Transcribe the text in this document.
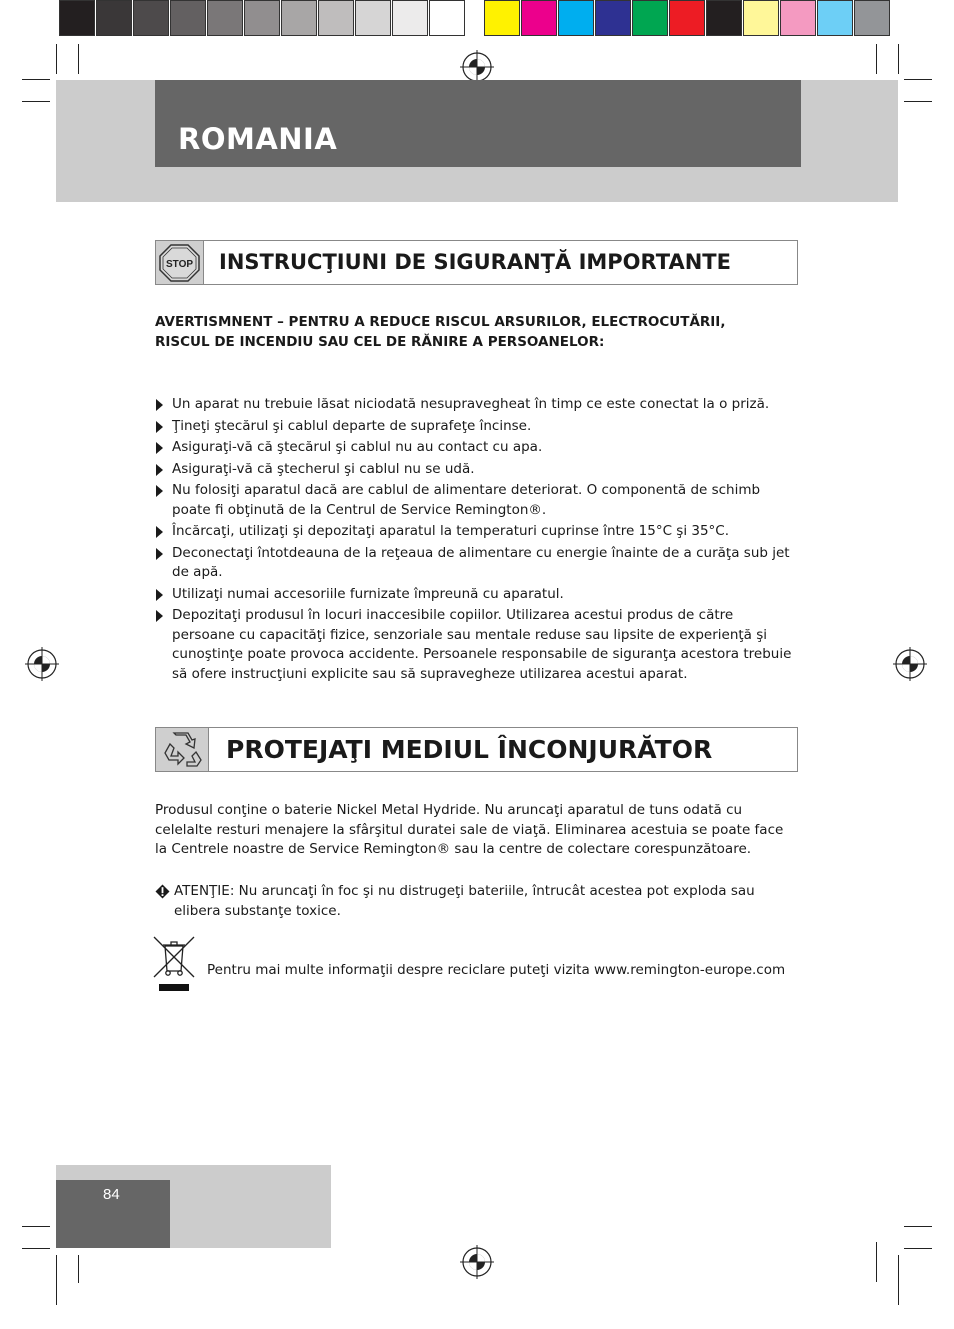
ROMANIA
STOP INSTRUCŢIUNI DE SIGURANŢĂ IMPORTANTE
AVERTISMNENT – PENTRU A REDUCE RISCUL ARSURILOR, ELECTROCUTĂRII, RISCUL DE INCENDIU SAU CEL DE RĂNIRE A PERSOANELOR:
Un aparat nu trebuie lăsat niciodată nesupravegheat în timp ce este conectat la o priză.
Ţineţi ştecărul şi cablul departe de suprafeţe încinse.
Asiguraţi-vă că ştecărul şi cablul nu au contact cu apa.
Asiguraţi-vă că ştecherul şi cablul nu se udă.
Nu folosiţi aparatul dacă are cablul de alimentare deteriorat. O componentă de schimb poate fi obţinută de la Centrul de Service Remington®.
Încărcaţi, utilizaţi şi depozitaţi aparatul la temperaturi cuprinse între 15°C şi 35°C.
Deconectaţi întotdeauna de la reţeaua de alimentare cu energie înainte de a curăţa sub jet de apă.
Utilizaţi numai accesoriile furnizate împreună cu aparatul.
Depozitaţi produsul în locuri inaccesibile copiilor. Utilizarea acestui produs de către persoane cu capacităţi fizice, senzoriale sau mentale reduse sau lipsite de experienţă şi cunoştinţe poate provoca accidente. Persoanele responsabile de siguranţa acestora trebuie să ofere instrucţiuni explicite sau să supravegheze utilizarea acestui aparat.
PROTEJAŢI MEDIUL ÎNCONJURĂTOR
Produsul conţine o baterie Nickel Metal Hydride. Nu aruncaţi aparatul de tuns odată cu celelalte resturi menajere la sfârşitul duratei sale de viaţă. Eliminarea acestuia se poate face la Centrele noastre de Service Remington® sau la centre de colectare corespunzătoare.
ATENŢIE: Nu aruncaţi în foc şi nu distrugeţi bateriile, întrucât acestea pot exploda sau elibera substanţe toxice.
Pentru mai multe informaţii despre reciclare puteţi vizita www.remington-europe.com
84
